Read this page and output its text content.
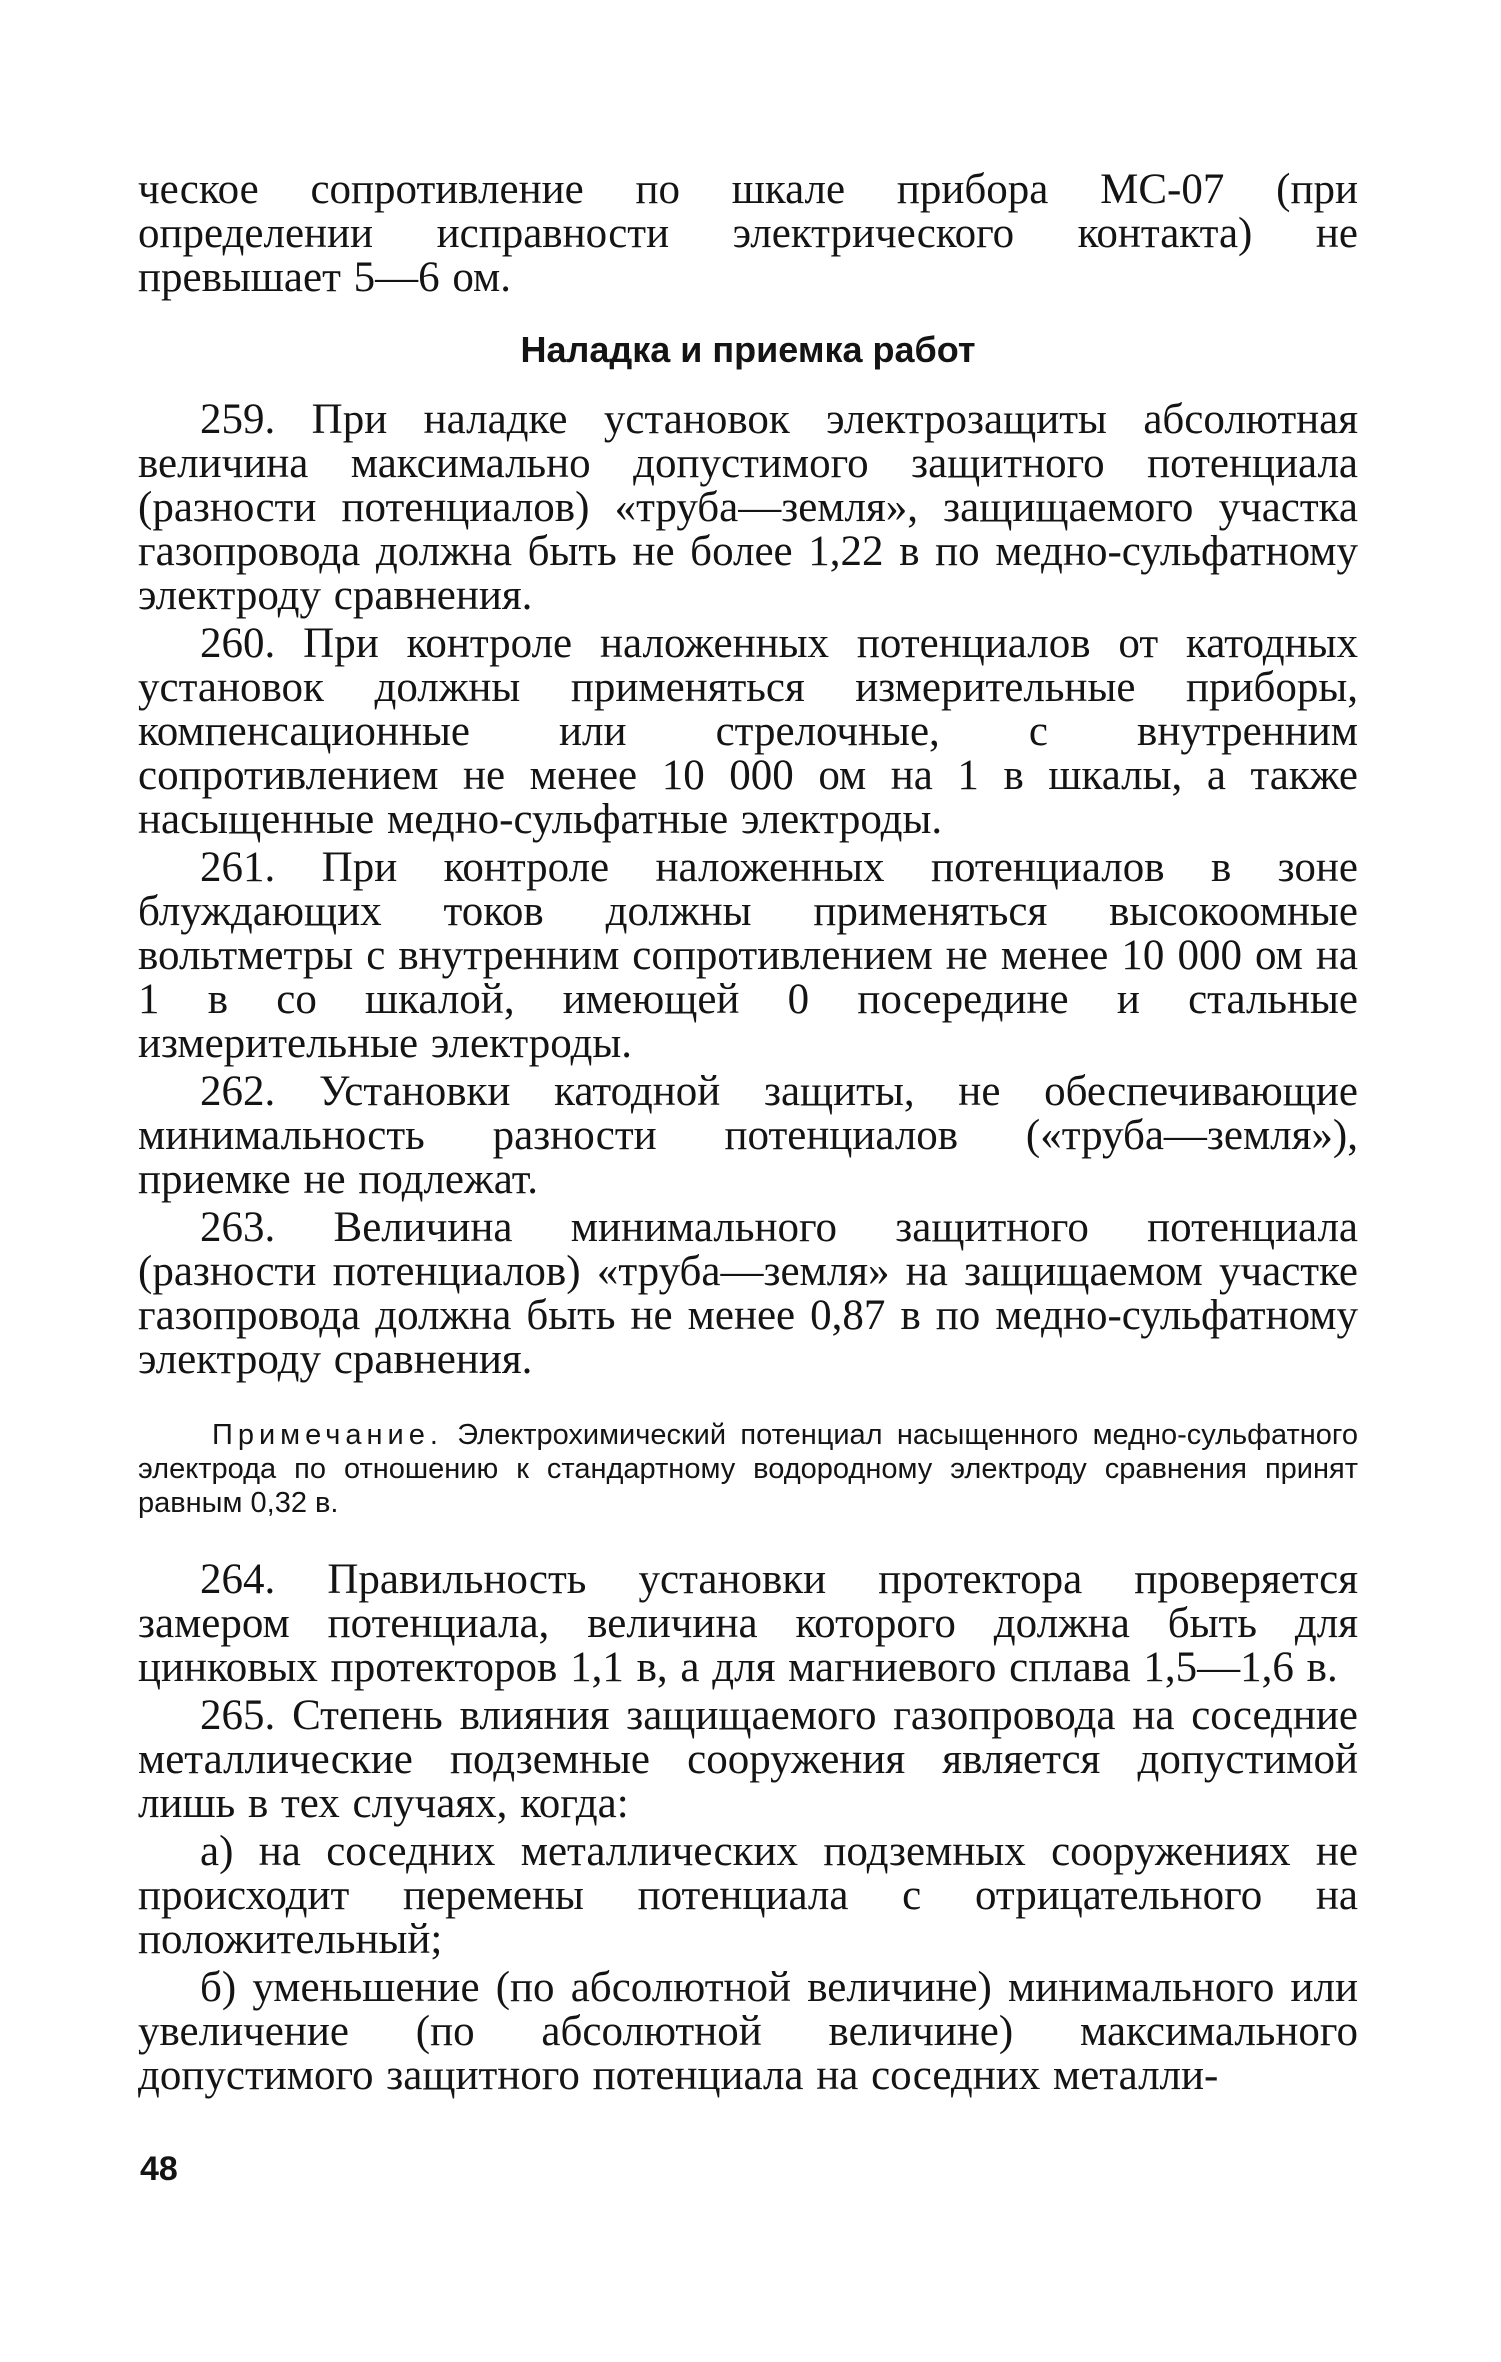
ческое сопротивление по шкале прибора МС-07 (при определении исправности электрического контакта) не превышает 5—6 ом.

Наладка и приемка работ

259. При наладке установок электрозащиты абсолютная величина максимально допустимого защитного потенциала (разности потенциалов) «труба—земля», защищаемого участка газопровода должна быть не более 1,22 в по медно-сульфатному электроду сравнения.

260. При контроле наложенных потенциалов от катодных установок должны применяться измерительные приборы, компенсационные или стрелочные, с внутренним сопротивлением не менее 10 000 ом на 1 в шкалы, а также насыщенные медно-сульфатные электроды.

261. При контроле наложенных потенциалов в зоне блуждающих токов должны применяться высокоомные вольтметры с внутренним сопротивлением не менее 10 000 ом на 1 в со шкалой, имеющей 0 посередине и стальные измерительные электроды.

262. Установки катодной защиты, не обеспечивающие минимальность разности потенциалов («труба—земля»), приемке не подлежат.

263. Величина минимального защитного потенциала (разности потенциалов) «труба—земля» на защищаемом участке газопровода должна быть не менее 0,87 в по медно-сульфатному электроду сравнения.

Примечание. Электрохимический потенциал насыщенного медно-сульфатного электрода по отношению к стандартному водородному электроду сравнения принят равным 0,32 в.

264. Правильность установки протектора проверяется замером потенциала, величина которого должна быть для цинковых протекторов 1,1 в, а для магниевого сплава 1,5—1,6 в.

265. Степень влияния защищаемого газопровода на соседние металлические подземные сооружения является допустимой лишь в тех случаях, когда:

а) на соседних металлических подземных сооружениях не происходит перемены потенциала с отрицательного на положительный;

б) уменьшение (по абсолютной величине) минимального или увеличение (по абсолютной величине) максимального допустимого защитного потенциала на соседних металли-

48
